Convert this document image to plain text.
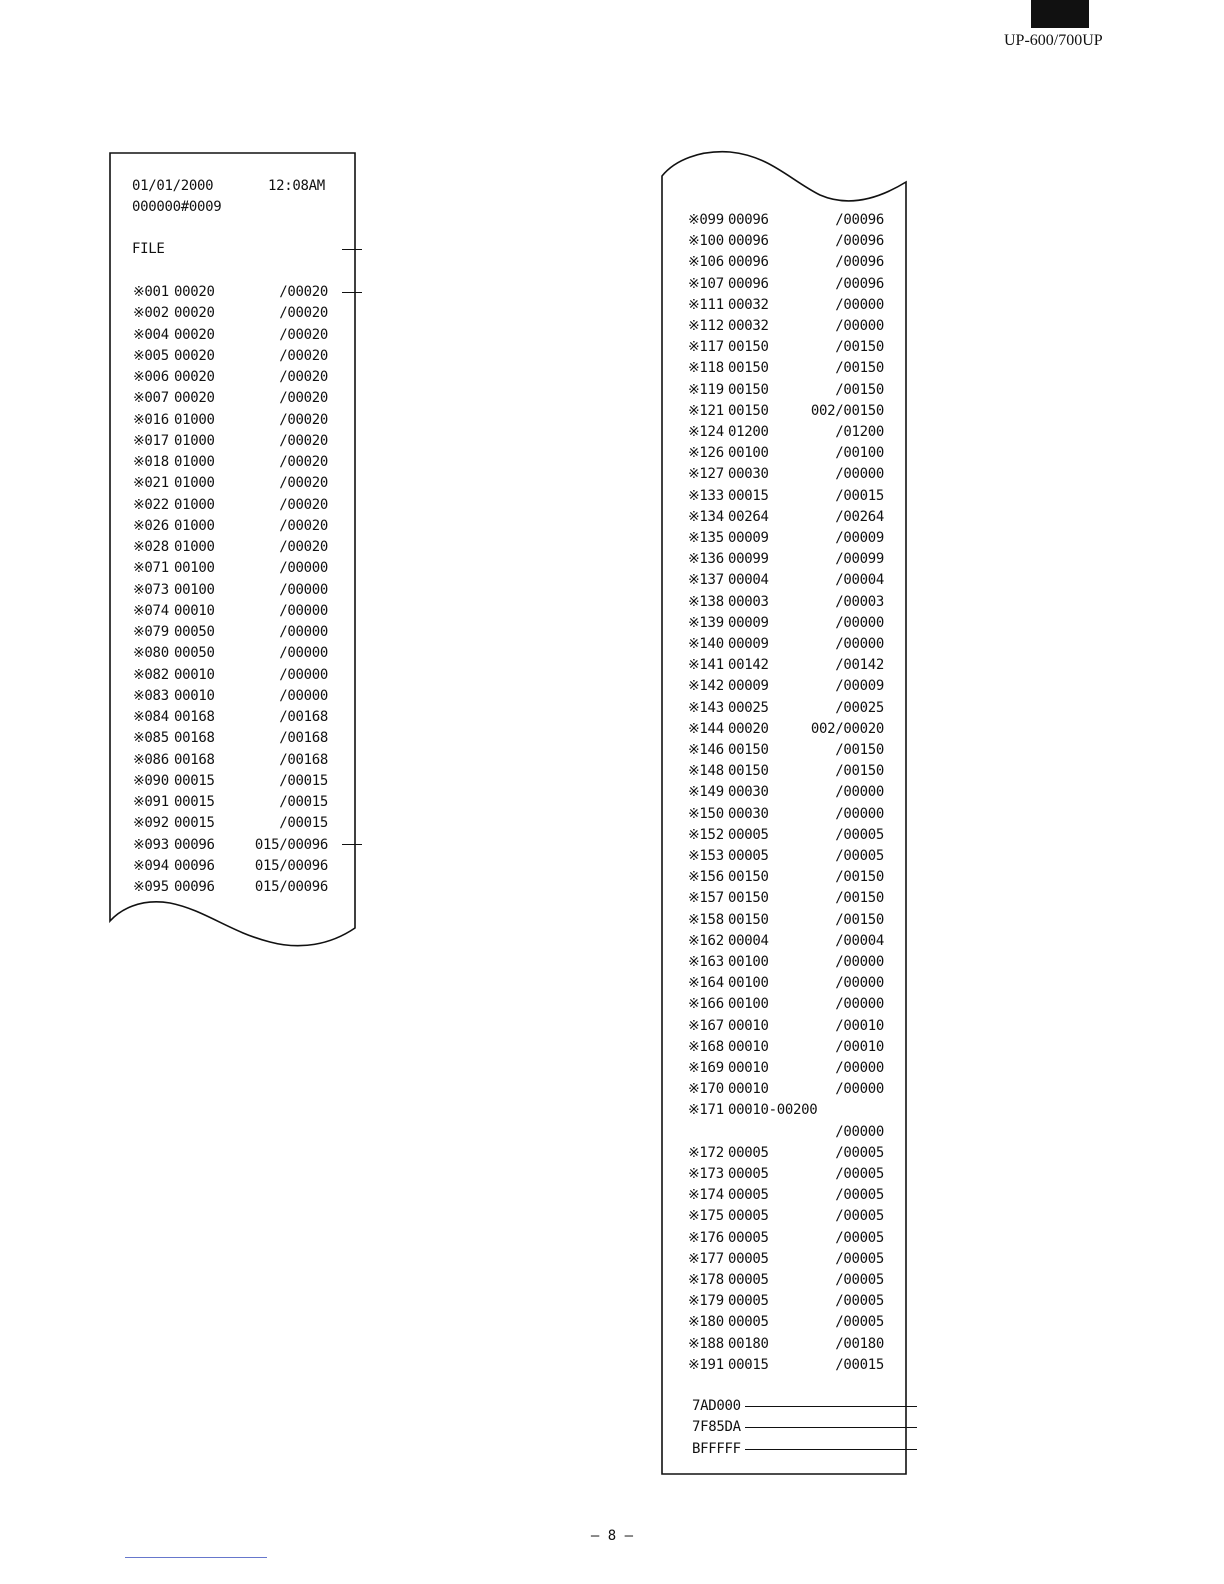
UP-600/700UP
01/01/2000	12:08AM
000000#0009
FILE
※001 00020	/00020
※002 00020	/00020
※004 00020	/00020
※005 00020	/00020
※006 00020	/00020
※007 00020	/00020
※016 01000	/00020
※017 01000	/00020
※018 01000	/00020
※021 01000	/00020
※022 01000	/00020
※026 01000	/00020
※028 01000	/00020
※071 00100	/00000
※073 00100	/00000
※074 00010	/00000
※079 00050	/00000
※080 00050	/00000
※082 00010	/00000
※083 00010	/00000
※084 00168	/00168
※085 00168	/00168
※086 00168	/00168
※090 00015	/00015
※091 00015	/00015
※092 00015	/00015
※093 00096	015/00096
※094 00096	015/00096
※095 00096	015/00096
※099 00096	/00096
※100 00096	/00096
※106 00096	/00096
※107 00096	/00096
※111 00032	/00000
※112 00032	/00000
※117 00150	/00150
※118 00150	/00150
※119 00150	/00150
※121 00150	002/00150
※124 01200	/01200
※126 00100	/00100
※127 00030	/00000
※133 00015	/00015
※134 00264	/00264
※135 00009	/00009
※136 00099	/00099
※137 00004	/00004
※138 00003	/00003
※139 00009	/00000
※140 00009	/00000
※141 00142	/00142
※142 00009	/00009
※143 00025	/00025
※144 00020	002/00020
※146 00150	/00150
※148 00150	/00150
※149 00030	/00000
※150 00030	/00000
※152 00005	/00005
※153 00005	/00005
※156 00150	/00150
※157 00150	/00150
※158 00150	/00150
※162 00004	/00004
※163 00100	/00000
※164 00100	/00000
※166 00100	/00000
※167 00010	/00010
※168 00010	/00010
※169 00010	/00000
※170 00010	/00000
※171 00010-00200
/00000
※172 00005	/00005
※173 00005	/00005
※174 00005	/00005
※175 00005	/00005
※176 00005	/00005
※177 00005	/00005
※178 00005	/00005
※179 00005	/00005
※180 00005	/00005
※188 00180	/00180
※191 00015	/00015
7AD000
7F85DA
BFFFFF
– 8 –
